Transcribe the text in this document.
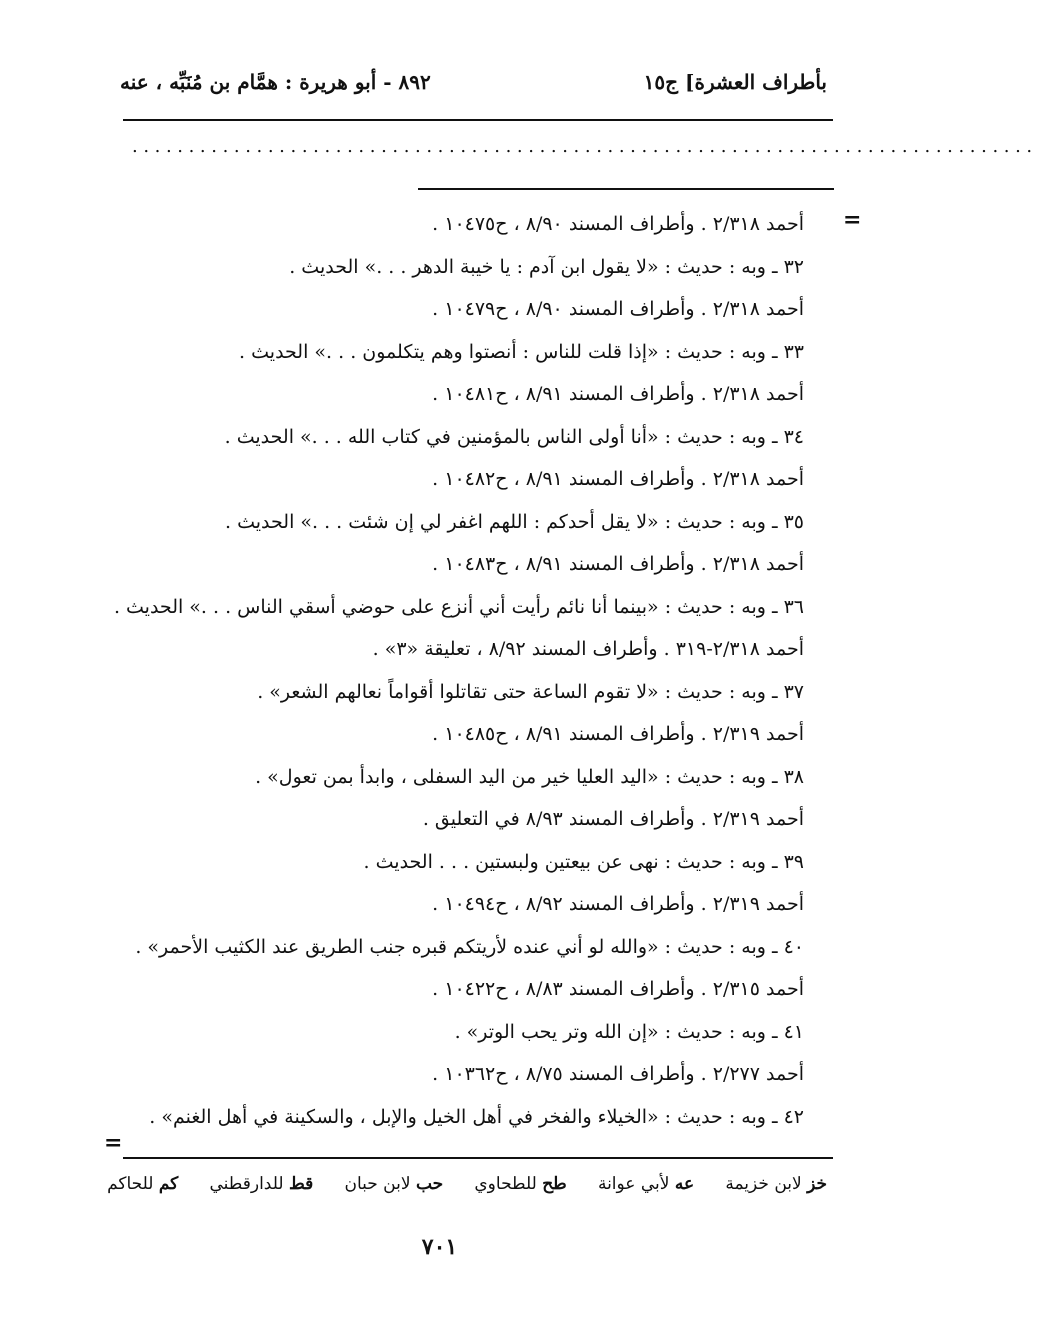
بأطراف العشرة] ج١٥
٨٩٢ - أبو هريرة : همَّام بن مُنَبِّه ، عنه
................................................................................
=
أحمد ٢/٣١٨ . وأطراف المسند ٨/٩٠ ، ح١٠٤٧٥ .
٣٢ ـ وبه : حديث : «لا يقول ابن آدم : يا خيبة الدهر . . .» الحديث .
أحمد ٢/٣١٨ . وأطراف المسند ٨/٩٠ ، ح١٠٤٧٩ .
٣٣ ـ وبه : حديث : «إذا قلت للناس : أنصتوا وهم يتكلمون . . .» الحديث .
أحمد ٢/٣١٨ . وأطراف المسند ٨/٩١ ، ح١٠٤٨١ .
٣٤ ـ وبه : حديث : «أنا أولى الناس بالمؤمنين في كتاب الله . . .» الحديث .
أحمد ٢/٣١٨ . وأطراف المسند ٨/٩١ ، ح١٠٤٨٢ .
٣٥ ـ وبه : حديث : «لا يقل أحدكم : اللهم اغفر لي إن شئت . . .» الحديث .
أحمد ٢/٣١٨ . وأطراف المسند ٨/٩١ ، ح١٠٤٨٣ .
٣٦ ـ وبه : حديث : «بينما أنا نائم رأيت أني أنزع على حوضي أسقي الناس . . .» الحديث .
أحمد ٢/٣١٨-٣١٩ . وأطراف المسند ٨/٩٢ ، تعليقة «٣» .
٣٧ ـ وبه : حديث : «لا تقوم الساعة حتى تقاتلوا أقواماً نعالهم الشعر» .
أحمد ٢/٣١٩ . وأطراف المسند ٨/٩١ ، ح١٠٤٨٥ .
٣٨ ـ وبه : حديث : «اليد العليا خير من اليد السفلى ، وابدأ بمن تعول» .
أحمد ٢/٣١٩ . وأطراف المسند ٨/٩٣ في التعليق .
٣٩ ـ وبه : حديث : نهى عن بيعتين ولبستين . . . الحديث .
أحمد ٢/٣١٩ . وأطراف المسند ٨/٩٢ ، ح١٠٤٩٤ .
٤٠ ـ وبه : حديث : «والله لو أني عنده لأريتكم قبره جنب الطريق عند الكثيب الأحمر» .
أحمد ٢/٣١٥ . وأطراف المسند ٨/٨٣ ، ح١٠٤٢٢ .
٤١ ـ وبه : حديث : «إن الله وتر يحب الوتر» .
أحمد ٢/٢٧٧ . وأطراف المسند ٨/٧٥ ، ح١٠٣٦٢ .
٤٢ ـ وبه : حديث : «الخيلاء والفخر في أهل الخيل والإبل ، والسكينة في أهل الغنم» .
=
خز لابن خزيمة
عه لأبي عوانة
طح للطحاوي
حب لابن حبان
قط للدارقطني
كم للحاكم
٧٠١
